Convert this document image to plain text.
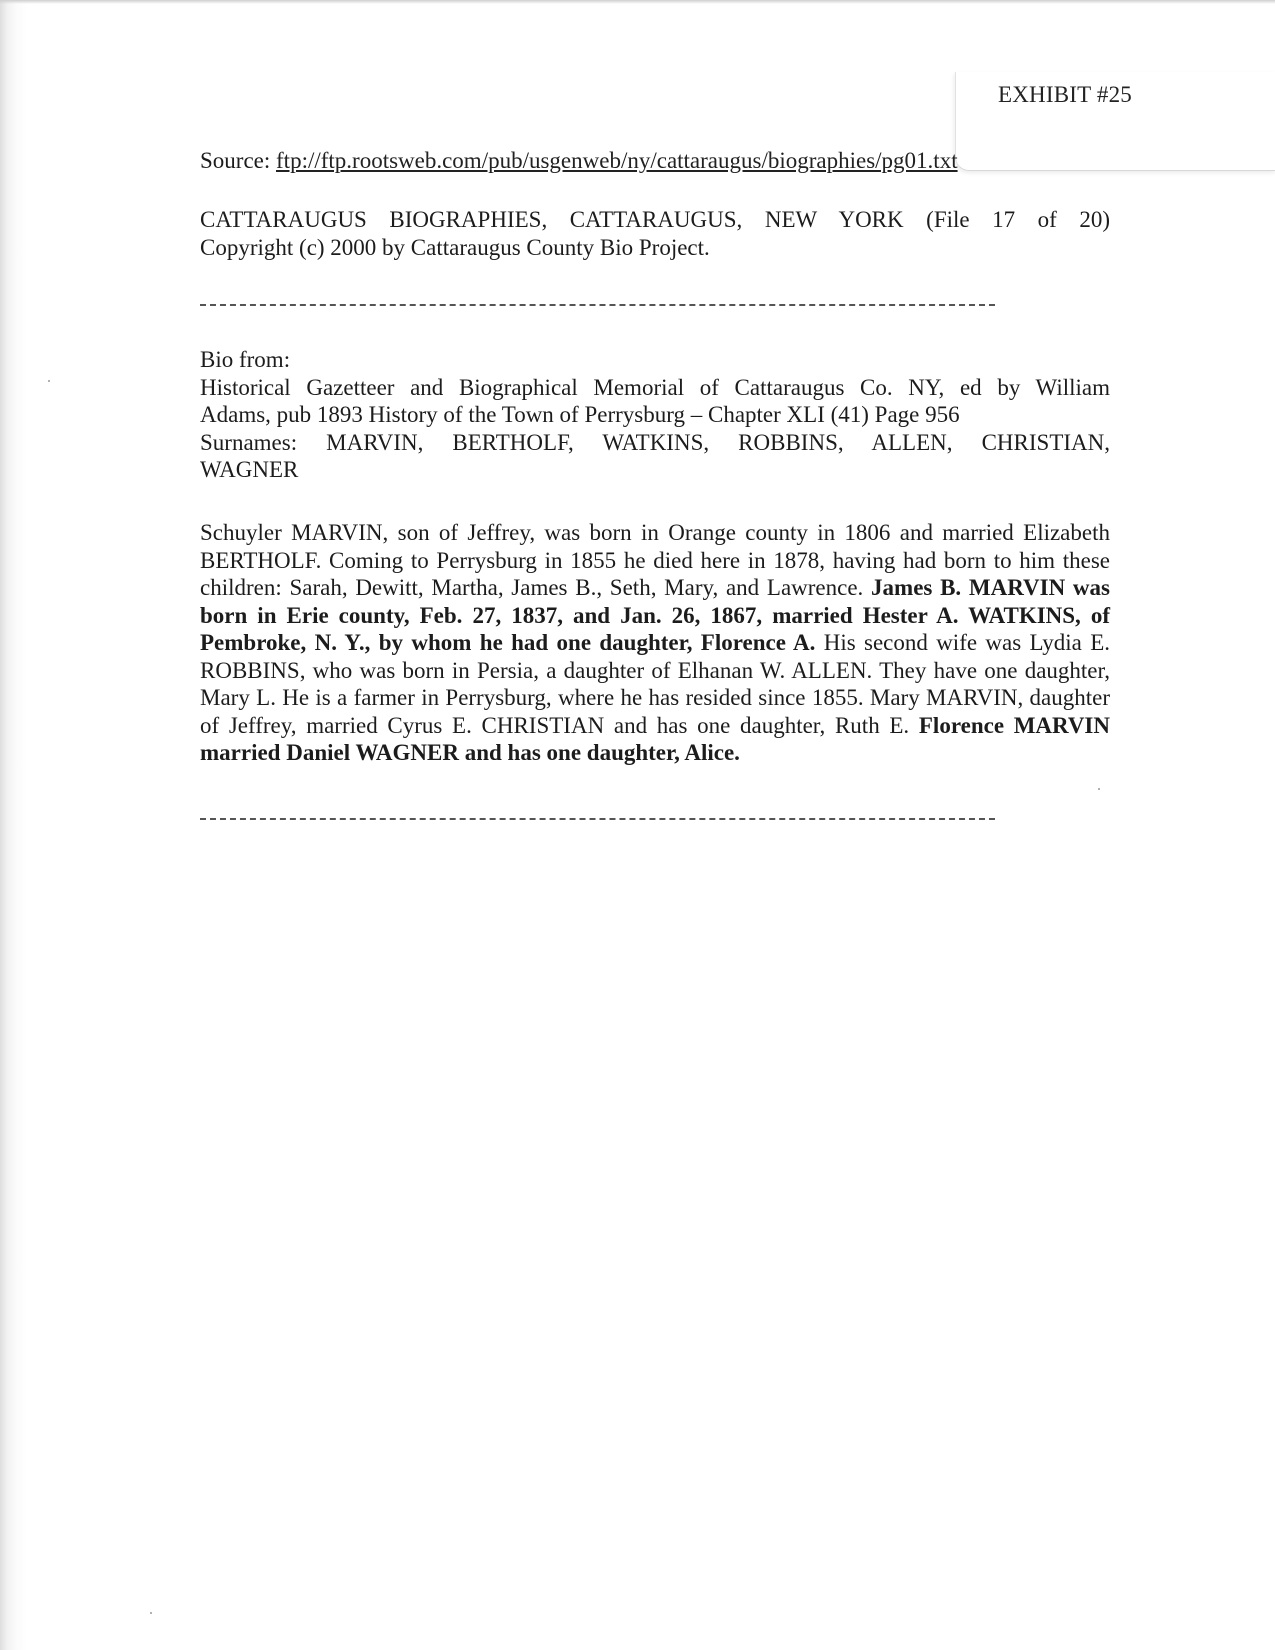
EXHIBIT #25
Source: ftp://ftp.rootsweb.com/pub/usgenweb/ny/cattaraugus/biographies/pg01.txt
CATTARAUGUS BIOGRAPHIES, CATTARAUGUS, NEW YORK (File 17 of 20)
Copyright (c) 2000 by Cattaraugus County Bio Project.
Bio from:
Historical Gazetteer and Biographical Memorial of Cattaraugus Co. NY, ed by William
Adams, pub 1893 History of the Town of Perrysburg – Chapter XLI (41) Page 956
Surnames: MARVIN, BERTHOLF, WATKINS, ROBBINS, ALLEN, CHRISTIAN,
WAGNER
Schuyler MARVIN, son of Jeffrey, was born in Orange county in 1806 and married Elizabeth BERTHOLF. Coming to Perrysburg in 1855 he died here in 1878, having had born to him these children: Sarah, Dewitt, Martha, James B., Seth, Mary, and Lawrence. James B. MARVIN was born in Erie county, Feb. 27, 1837, and Jan. 26, 1867, married Hester A. WATKINS, of Pembroke, N. Y., by whom he had one daughter, Florence A. His second wife was Lydia E. ROBBINS, who was born in Persia, a daughter of Elhanan W. ALLEN. They have one daughter, Mary L. He is a farmer in Perrysburg, where he has resided since 1855. Mary MARVIN, daughter of Jeffrey, married Cyrus E. CHRISTIAN and has one daughter, Ruth E. Florence MARVIN married Daniel WAGNER and has one daughter, Alice.
